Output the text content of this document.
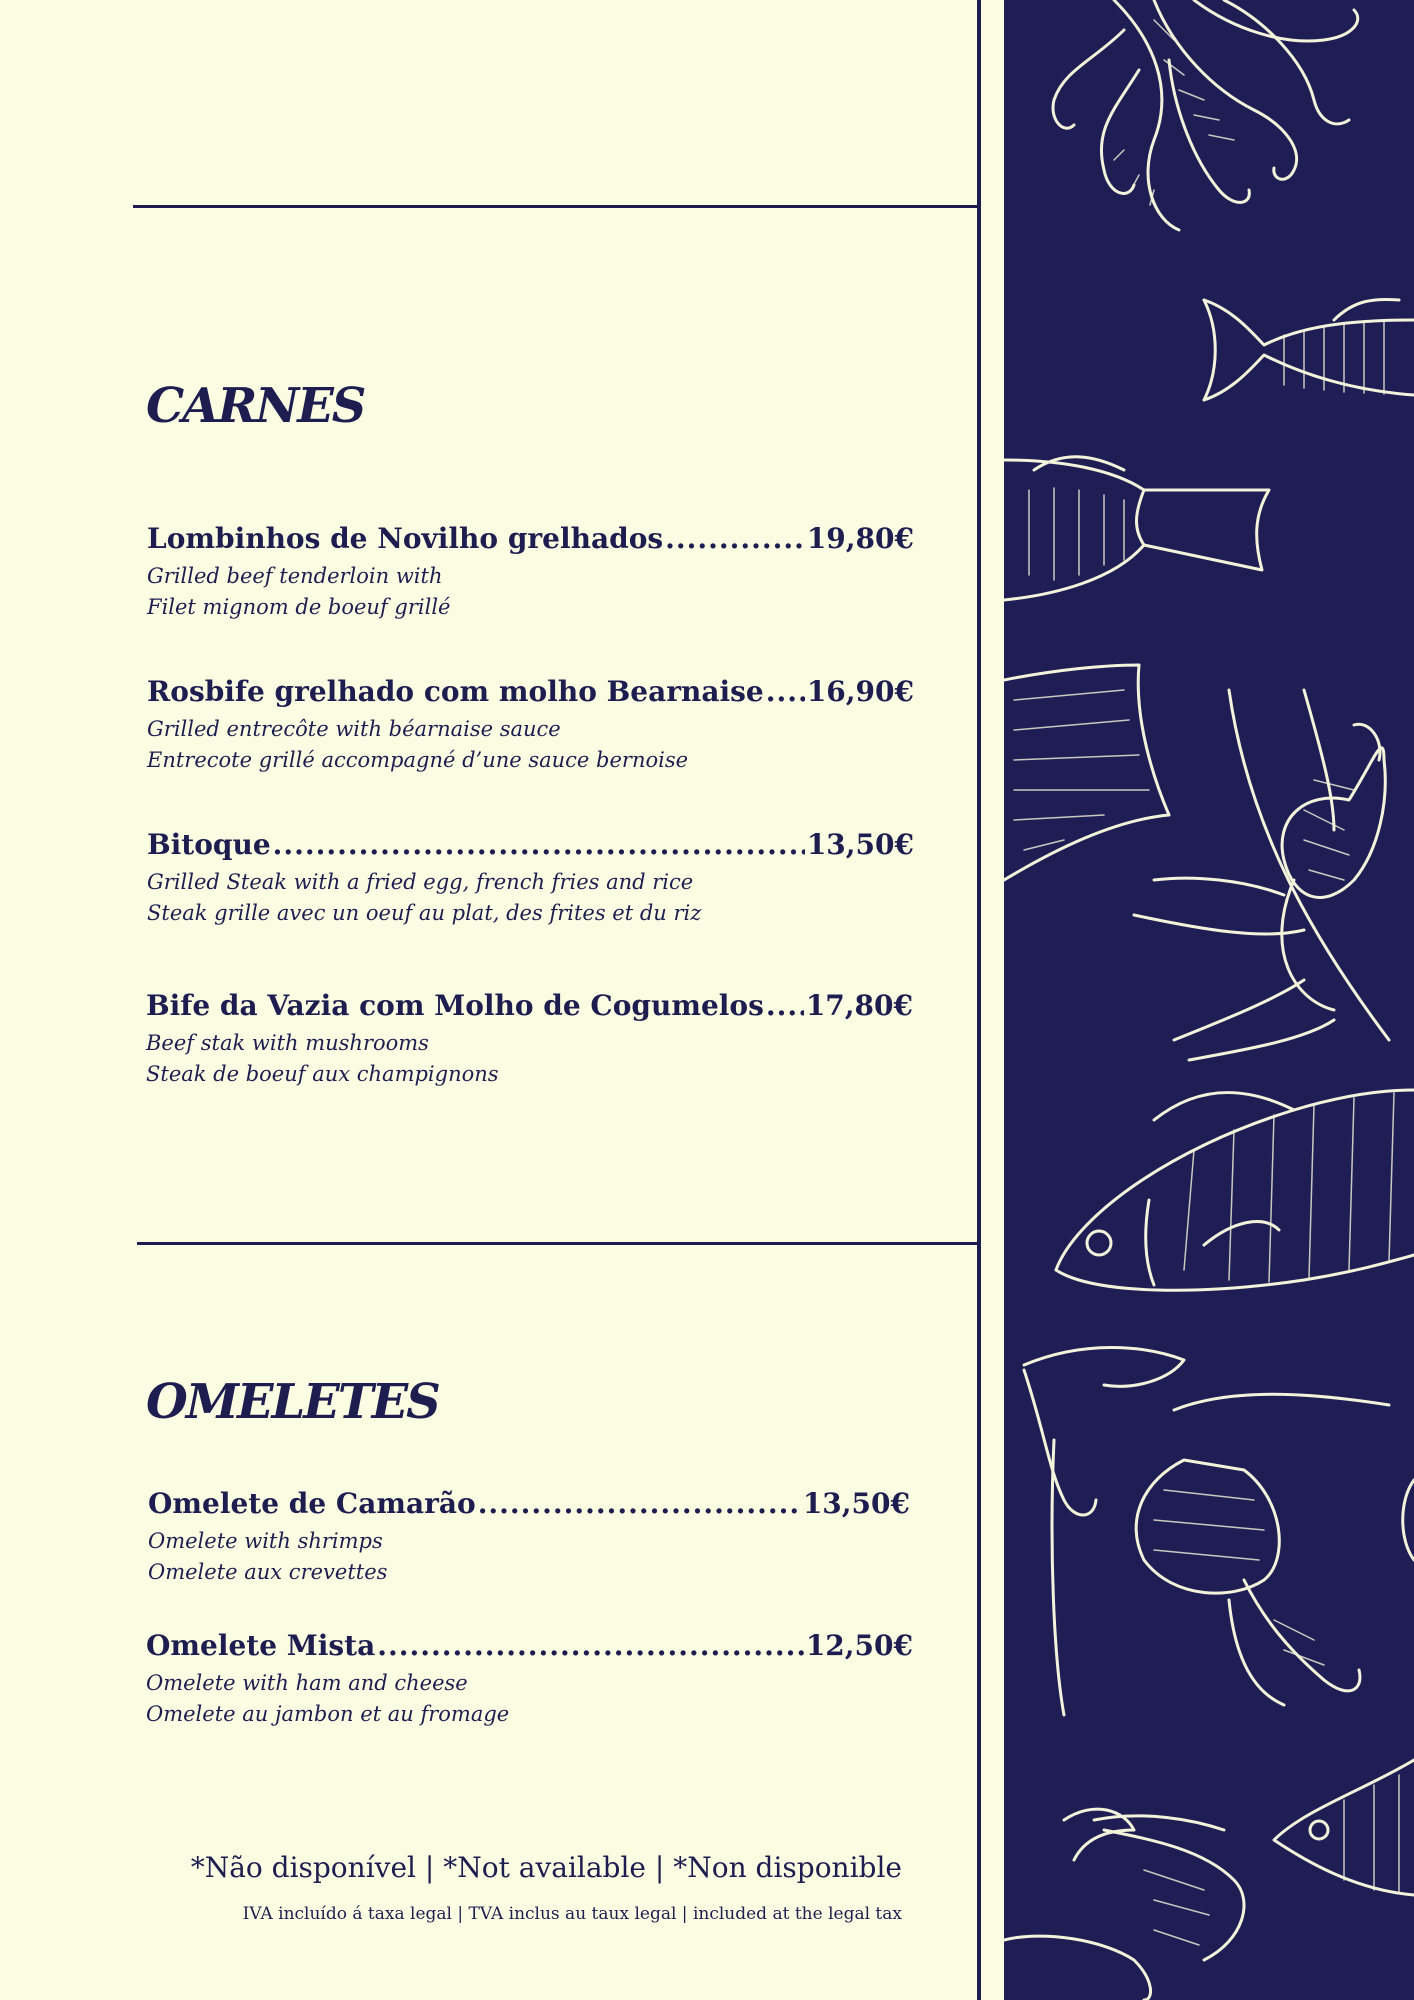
CARNES
Lombinhos de Novilho grelhados .....	19,80€
Grilled beef tenderloin with
Filet mignom de boeuf grillé
Rosbife grelhado com molho Bearnaise ..... 16,90€
Grilled entrecôte with béarnaise sauce
Entrecote grillé accompagné d’une sauce bernoise
Bitoque .....	13,50€
Grilled Steak with a fried egg, french fries and rice
Steak grille avec un oeuf au plat, des frites et du riz
Bife da Vazia com Molho de Cogumelos ..... 17,80€
Beef stak with mushrooms
Steak de boeuf aux champignons
OMELETES
Omelete de Camarão .....	13,50€
Omelete with shrimps
Omelete aux crevettes
Omelete Mista .....	12,50€
Omelete with ham and cheese
Omelete au jambon et au fromage
*Não disponível | *Not available | *Non disponible
IVA incluído á taxa legal | TVA inclus au taux legal | included at the legal tax
